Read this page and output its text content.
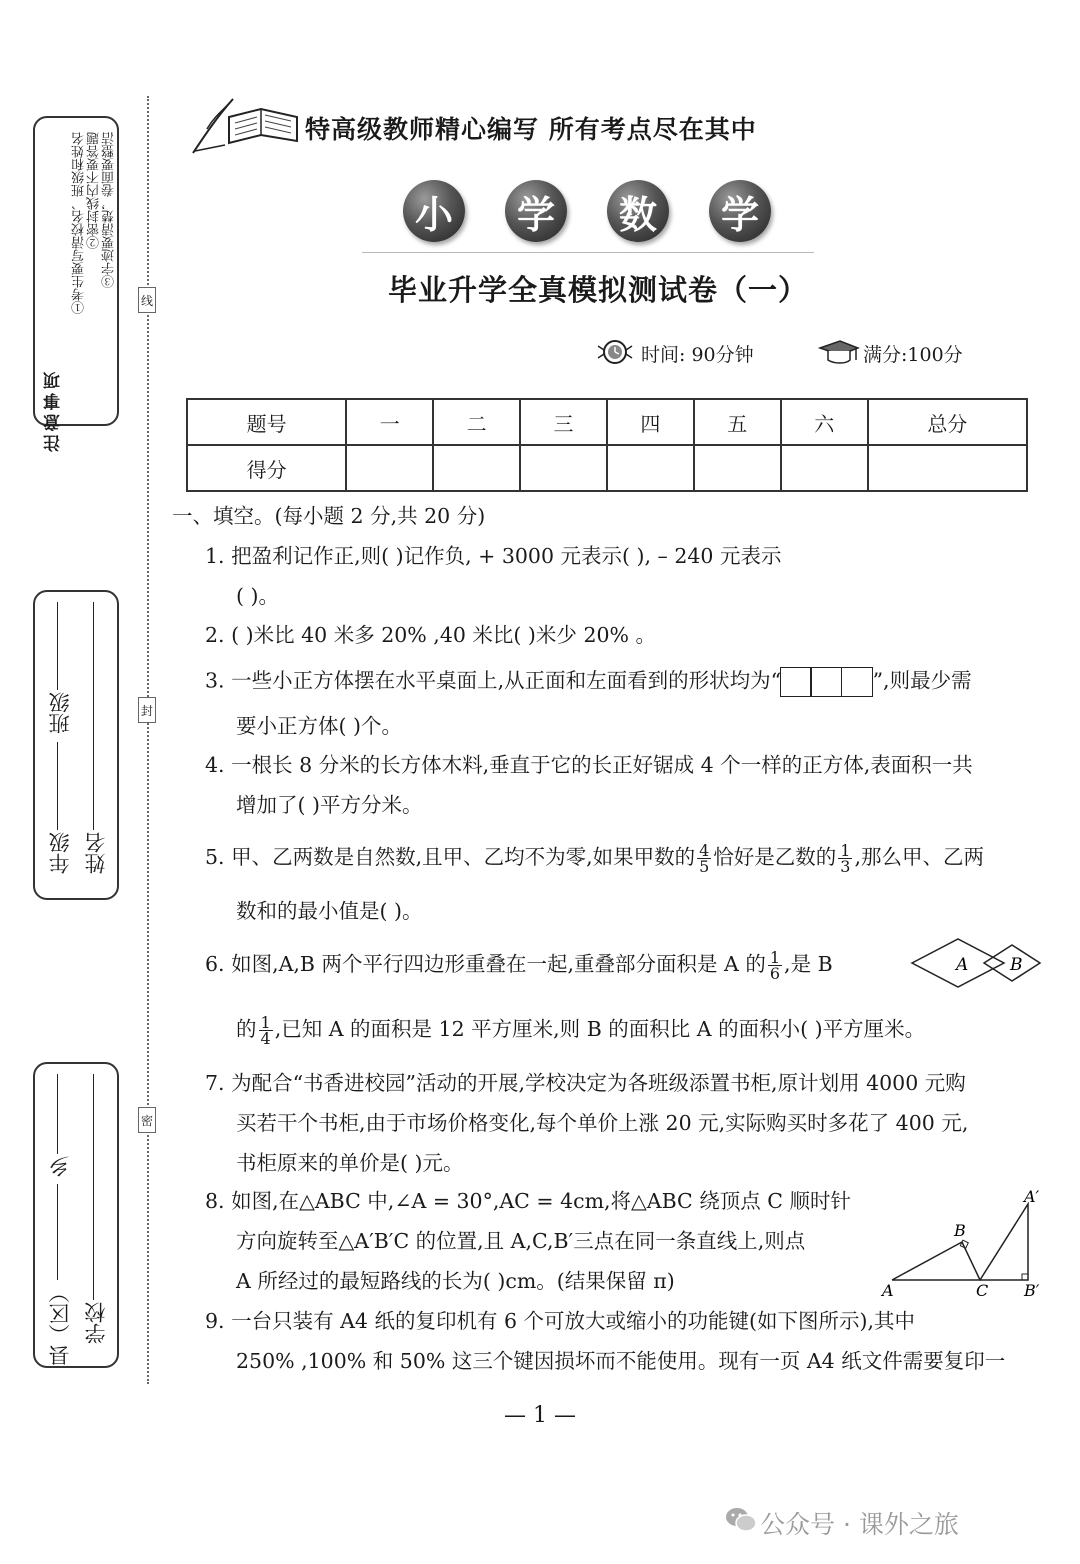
注意事项
①考生要写清校名、班级和姓名 ②密封线内不要答题 ③字迹要清楚，卷面要整洁
年级
班级
姓名
县（区）
乡
学校
线
封
密
特高级教师精心编写 所有考点尽在其中
小	学	数	学
毕业升学全真模拟测试卷（一）
时间: 90分钟	满分:100分
题号	一	二	三	四	五	六	总分
得分							
一、填空。(每小题 2 分,共 20 分)
1. 把盈利记作正,则( )记作负, + 3000 元表示( ), – 240 元表示
( )。
2. ( )米比 40 米多 20% ,40 米比( )米少 20% 。
3. 一些小正方体摆在水平桌面上,从正面和左面看到的形状均为“	”,则最少需
要小正方体( )个。
4. 一根长 8 分米的长方体木料,垂直于它的长正好锯成 4 个一样的正方体,表面积一共
增加了( )平方分米。
5. 甲、乙两数是自然数,且甲、乙均不为零,如果甲数的 $\frac{4}{5}$ 恰好是乙数的 $\frac{1}{3}$ ,那么甲、乙两
数和的最小值是( )。
6. 如图,A,B 两个平行四边形重叠在一起,重叠部分面积是 A 的 $\frac{1}{6}$ ,是 B	A B
的 $\frac{1}{4}$ ,已知 A 的面积是 12 平方厘米,则 B 的面积比 A 的面积小( )平方厘米。
7. 为配合“书香进校园”活动的开展,学校决定为各班级添置书柜,原计划用 4000 元购
买若干个书柜,由于市场价格变化,每个单价上涨 20 元,实际购买时多花了 400 元,
书柜原来的单价是( )元。
8. 如图,在△ABC 中,∠A = 30°,AC = 4cm,将△ABC 绕顶点 C 顺时针
方向旋转至△A′B′C 的位置,且 A,C,B′三点在同一条直线上,则点
A 所经过的最短路线的长为( )cm。(结果保留 π)	A
B
C
A′
B′
9. 一台只装有 A4 纸的复印机有 6 个可放大或缩小的功能键(如下图所示),其中
250% ,100% 和 50% 这三个键因损坏而不能使用。现有一页 A4 纸文件需要复印一
— 1 —
公众号 · 课外之旅
